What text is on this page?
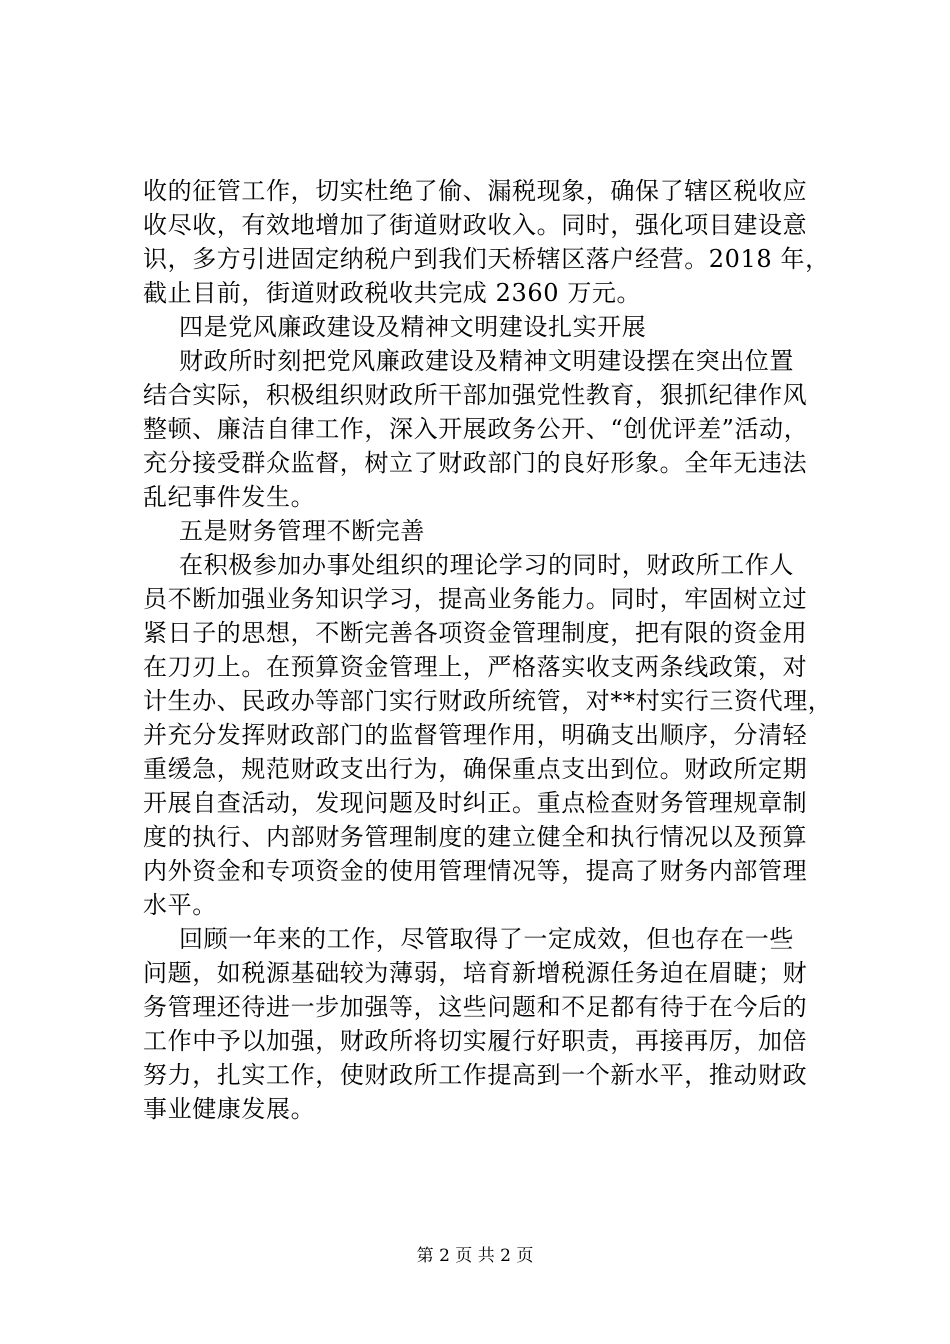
收的征管工作，切实杜绝了偷、漏税现象，确保了辖区税收应
收尽收，有效地增加了街道财政收入。同时，强化项目建设意
识，多方引进固定纳税户到我们天桥辖区落户经营。2018 年，
截止目前，街道财政税收共完成 2360 万元。
四是党风廉政建设及精神文明建设扎实开展
财政所时刻把党风廉政建设及精神文明建设摆在突出位置
结合实际，积极组织财政所干部加强党性教育，狠抓纪律作风
整顿、廉洁自律工作，深入开展政务公开、“创优评差”活动，
充分接受群众监督，树立了财政部门的良好形象。全年无违法
乱纪事件发生。
五是财务管理不断完善
在积极参加办事处组织的理论学习的同时，财政所工作人
员不断加强业务知识学习，提高业务能力。同时，牢固树立过
紧日子的思想，不断完善各项资金管理制度，把有限的资金用
在刀刃上。在预算资金管理上，严格落实收支两条线政策，对
计生办、民政办等部门实行财政所统管，对**村实行三资代理，
并充分发挥财政部门的监督管理作用，明确支出顺序，分清轻
重缓急，规范财政支出行为，确保重点支出到位。财政所定期
开展自查活动，发现问题及时纠正。重点检查财务管理规章制
度的执行、内部财务管理制度的建立健全和执行情况以及预算
内外资金和专项资金的使用管理情况等，提高了财务内部管理
水平。
回顾一年来的工作，尽管取得了一定成效，但也存在一些
问题，如税源基础较为薄弱，培育新增税源任务迫在眉睫；财
务管理还待进一步加强等，这些问题和不足都有待于在今后的
工作中予以加强，财政所将切实履行好职责，再接再厉，加倍
努力，扎实工作，使财政所工作提高到一个新水平，推动财政
事业健康发展。
第 2 页 共 2 页
